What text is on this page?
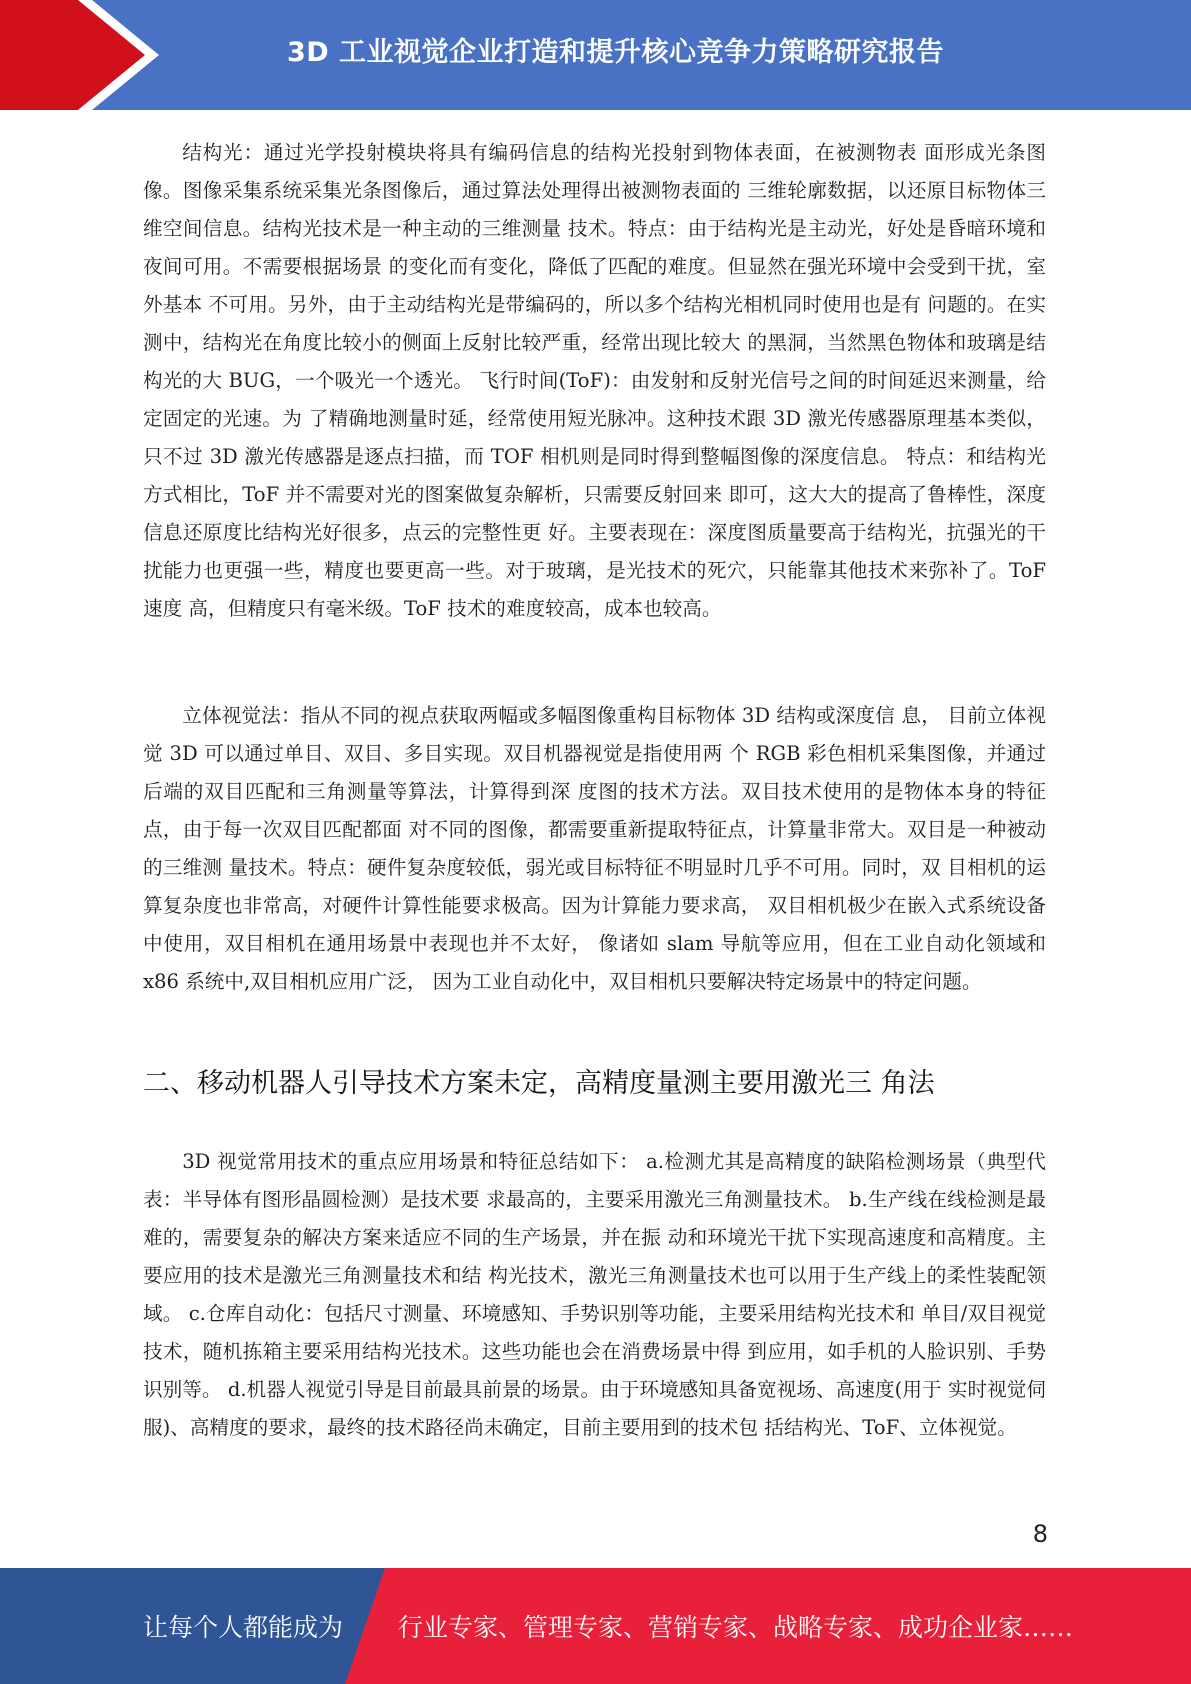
3D 工业视觉企业打造和提升核心竞争力策略研究报告

结构光：通过光学投射模块将具有编码信息的结构光投射到物体表面，在被测物表 面形成光条图像。图像采集系统采集光条图像后，通过算法处理得出被测物表面的 三维轮廓数据，以还原目标物体三维空间信息。结构光技术是一种主动的三维测量 技术。特点：由于结构光是主动光，好处是昏暗环境和夜间可用。不需要根据场景 的变化而有变化，降低了匹配的难度。但显然在强光环境中会受到干扰，室外基本 不可用。另外，由于主动结构光是带编码的，所以多个结构光相机同时使用也是有 问题的。在实测中，结构光在角度比较小的侧面上反射比较严重，经常出现比较大 的黑洞，当然黑色物体和玻璃是结构光的大 BUG，一个吸光一个透光。 飞行时间(ToF)：由发射和反射光信号之间的时间延迟来测量，给定固定的光速。为 了精确地测量时延，经常使用短光脉冲。这种技术跟 3D 激光传感器原理基本类似， 只不过 3D 激光传感器是逐点扫描，而 TOF 相机则是同时得到整幅图像的深度信息。 特点：和结构光方式相比，ToF 并不需要对光的图案做复杂解析，只需要反射回来 即可，这大大的提高了鲁棒性，深度信息还原度比结构光好很多，点云的完整性更 好。主要表现在：深度图质量要高于结构光，抗强光的干扰能力也更强一些，精度也要更高一些。对于玻璃，是光技术的死穴，只能靠其他技术来弥补了。ToF 速度 高，但精度只有毫米级。ToF 技术的难度较高，成本也较高。

立体视觉法：指从不同的视点获取两幅或多幅图像重构目标物体 3D 结构或深度信 息， 目前立体视觉 3D 可以通过单目、双目、多目实现。双目机器视觉是指使用两 个 RGB 彩色相机采集图像，并通过后端的双目匹配和三角测量等算法，计算得到深 度图的技术方法。双目技术使用的是物体本身的特征点，由于每一次双目匹配都面 对不同的图像，都需要重新提取特征点，计算量非常大。双目是一种被动的三维测 量技术。特点：硬件复杂度较低，弱光或目标特征不明显时几乎不可用。同时，双 目相机的运算复杂度也非常高，对硬件计算性能要求极高。因为计算能力要求高， 双目相机极少在嵌入式系统设备中使用，双目相机在通用场景中表现也并不太好， 像诸如 slam 导航等应用，但在工业自动化领域和 x86 系统中,双目相机应用广泛， 因为工业自动化中，双目相机只要解决特定场景中的特定问题。

二、移动机器人引导技术方案未定，高精度量测主要用激光三 角法

3D 视觉常用技术的重点应用场景和特征总结如下： a.检测尤其是高精度的缺陷检测场景（典型代表：半导体有图形晶圆检测）是技术要 求最高的，主要采用激光三角测量技术。 b.生产线在线检测是最难的，需要复杂的解决方案来适应不同的生产场景，并在振 动和环境光干扰下实现高速度和高精度。主要应用的技术是激光三角测量技术和结 构光技术，激光三角测量技术也可以用于生产线上的柔性装配领域。 c.仓库自动化：包括尺寸测量、环境感知、手势识别等功能，主要采用结构光技术和 单目/双目视觉技术，随机拣箱主要采用结构光技术。这些功能也会在消费场景中得 到应用，如手机的人脸识别、手势识别等。 d.机器人视觉引导是目前最具前景的场景。由于环境感知具备宽视场、高速度(用于 实时视觉伺服)、高精度的要求，最终的技术路径尚未确定，目前主要用到的技术包 括结构光、ToF、立体视觉。

8
让每个人都能成为 行业专家、管理专家、营销专家、战略专家、成功企业家……
